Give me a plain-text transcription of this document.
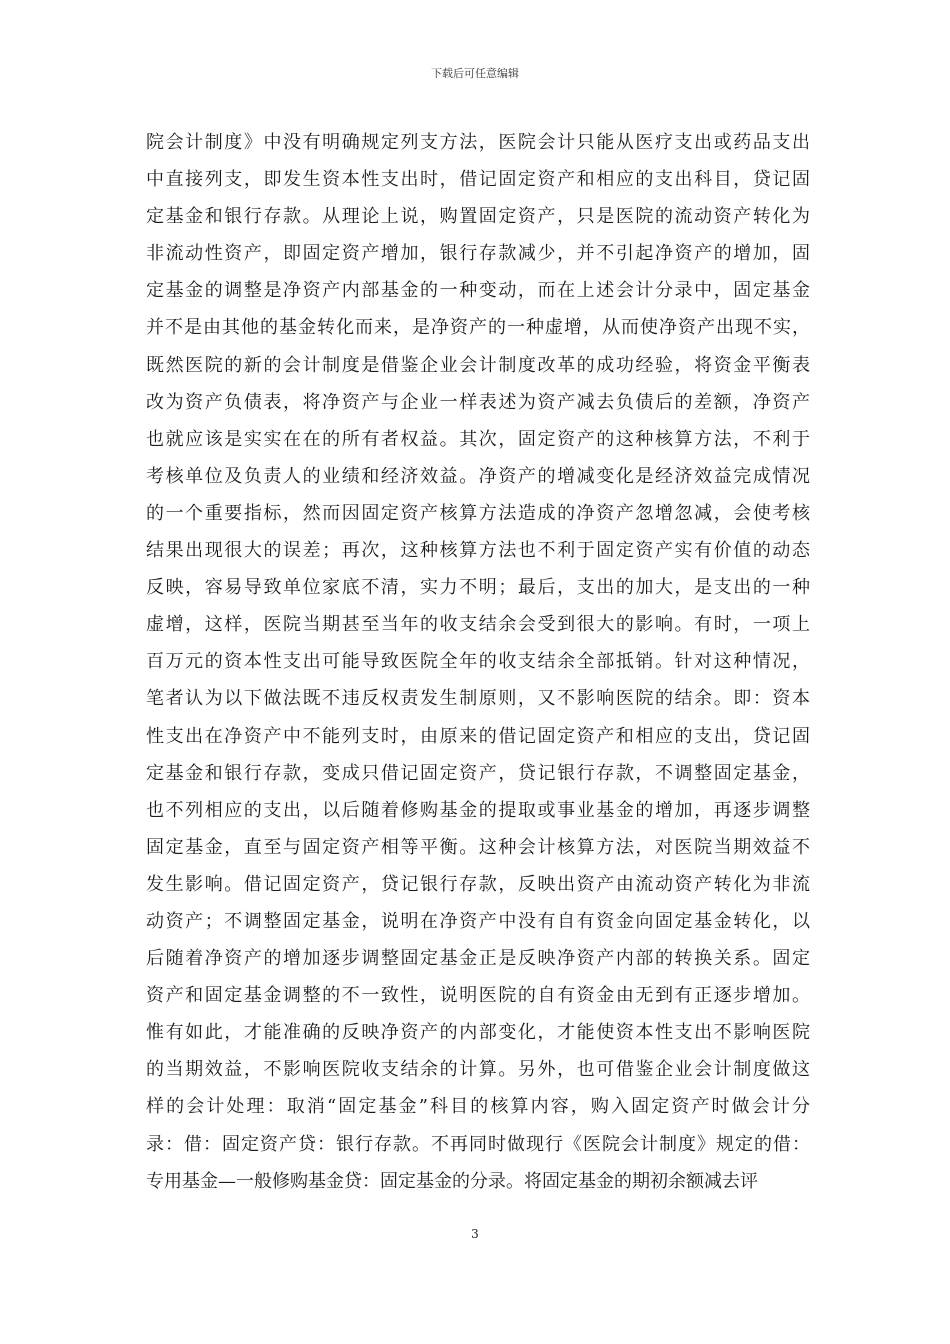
下载后可任意编辑
院会计制度》中没有明确规定列支方法，医院会计只能从医疗支出或药品支出
中直接列支，即发生资本性支出时，借记固定资产和相应的支出科目，贷记固
定基金和银行存款。从理论上说，购置固定资产，只是医院的流动资产转化为
非流动性资产，即固定资产增加，银行存款减少，并不引起净资产的增加，固
定基金的调整是净资产内部基金的一种变动，而在上述会计分录中，固定基金
并不是由其他的基金转化而来，是净资产的一种虚增，从而使净资产出现不实，
既然医院的新的会计制度是借鉴企业会计制度改革的成功经验，将资金平衡表
改为资产负债表，将净资产与企业一样表述为资产减去负债后的差额，净资产
也就应该是实实在在的所有者权益。其次，固定资产的这种核算方法，不利于
考核单位及负责人的业绩和经济效益。净资产的增减变化是经济效益完成情况
的一个重要指标，然而因固定资产核算方法造成的净资产忽增忽减，会使考核
结果出现很大的误差；再次，这种核算方法也不利于固定资产实有价值的动态
反映，容易导致单位家底不清，实力不明；最后，支出的加大，是支出的一种
虚增，这样，医院当期甚至当年的收支结余会受到很大的影响。有时，一项上
百万元的资本性支出可能导致医院全年的收支结余全部抵销。针对这种情况，
笔者认为以下做法既不违反权责发生制原则，又不影响医院的结余。即：资本
性支出在净资产中不能列支时，由原来的借记固定资产和相应的支出，贷记固
定基金和银行存款，变成只借记固定资产，贷记银行存款，不调整固定基金，
也不列相应的支出，以后随着修购基金的提取或事业基金的增加，再逐步调整
固定基金，直至与固定资产相等平衡。这种会计核算方法，对医院当期效益不
发生影响。借记固定资产，贷记银行存款，反映出资产由流动资产转化为非流
动资产；不调整固定基金，说明在净资产中没有自有资金向固定基金转化，以
后随着净资产的增加逐步调整固定基金正是反映净资产内部的转换关系。固定
资产和固定基金调整的不一致性，说明医院的自有资金由无到有正逐步增加。
惟有如此，才能准确的反映净资产的内部变化，才能使资本性支出不影响医院
的当期效益，不影响医院收支结余的计算。另外，也可借鉴企业会计制度做这
样的会计处理：取消“固定基金”科目的核算内容，购入固定资产时做会计分
录：借：固定资产贷：银行存款。不再同时做现行《医院会计制度》规定的借：
专用基金—一般修购基金贷：固定基金的分录。将固定基金的期初余额减去评
3
